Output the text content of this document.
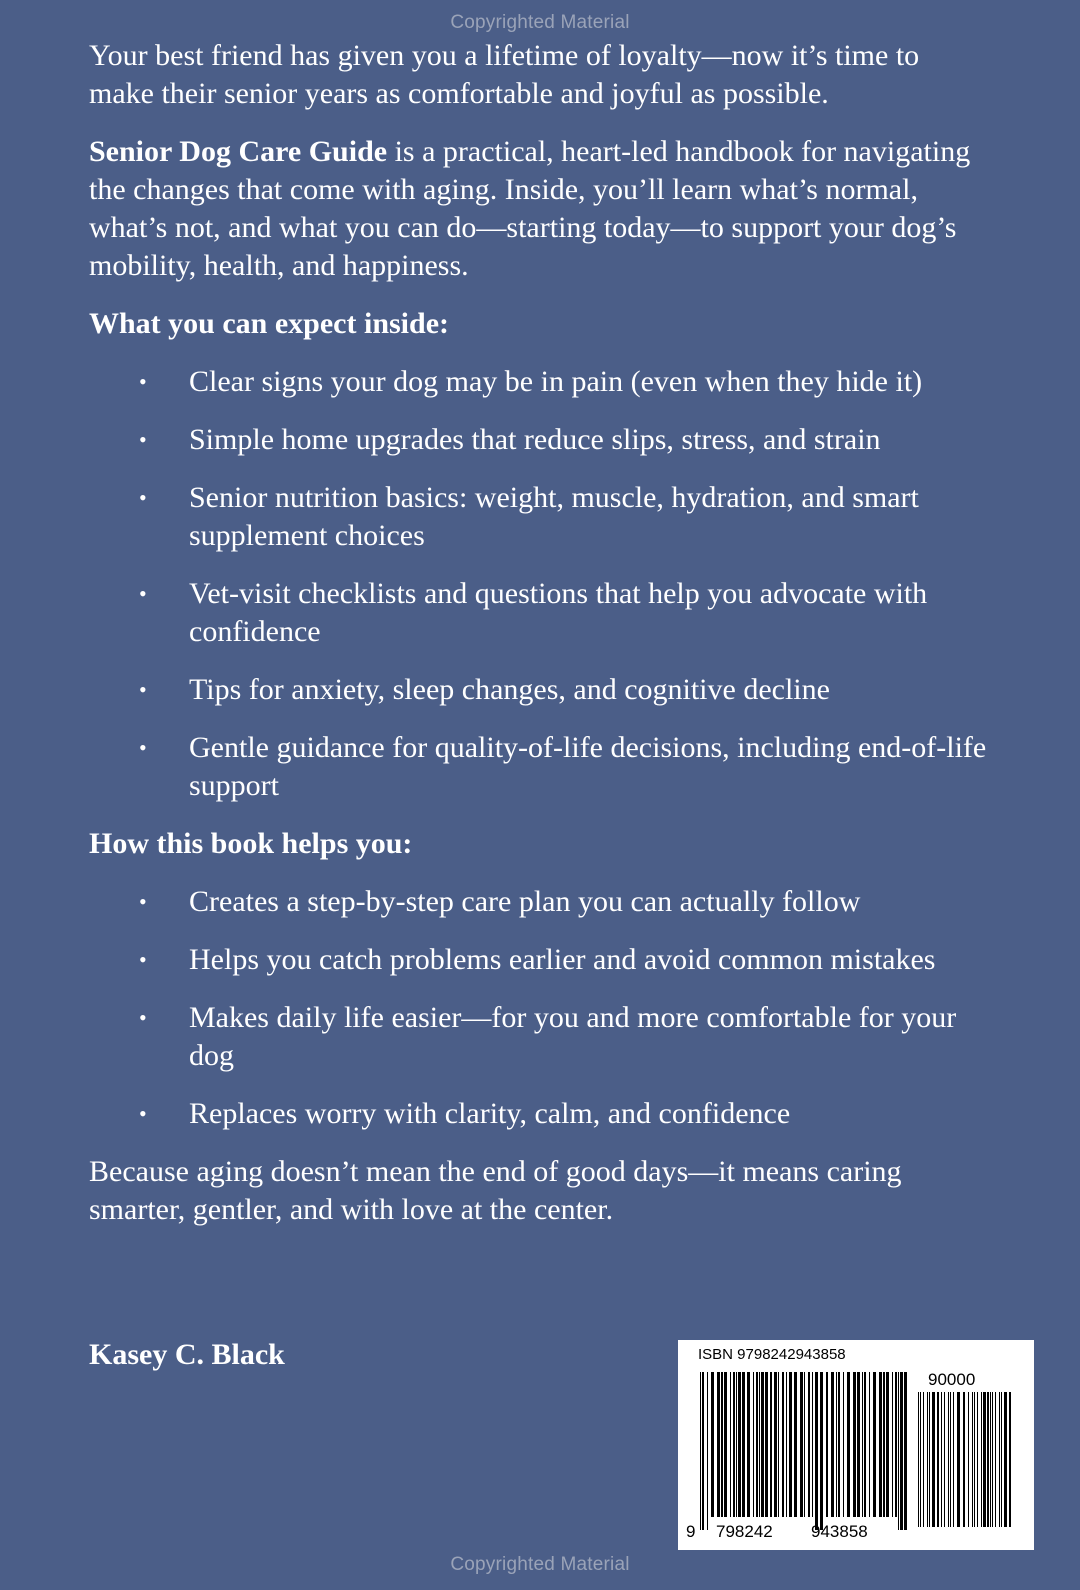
Copyrighted Material

Your best friend has given you a lifetime of loyalty—now it’s time to make their senior years as comfortable and joyful as possible.

Senior Dog Care Guide is a practical, heart-led handbook for navigating the changes that come with aging. Inside, you’ll learn what’s normal, what’s not, and what you can do—starting today—to support your dog’s mobility, health, and happiness.

What you can expect inside:

• Clear signs your dog may be in pain (even when they hide it)
• Simple home upgrades that reduce slips, stress, and strain
• Senior nutrition basics: weight, muscle, hydration, and smart supplement choices
• Vet-visit checklists and questions that help you advocate with confidence
• Tips for anxiety, sleep changes, and cognitive decline
• Gentle guidance for quality-of-life decisions, including end-of-life support

How this book helps you:

• Creates a step-by-step care plan you can actually follow
• Helps you catch problems earlier and avoid common mistakes
• Makes daily life easier—for you and more comfortable for your dog
• Replaces worry with clarity, calm, and confidence

Because aging doesn’t mean the end of good days—it means caring smarter, gentler, and with love at the center.

Kasey C. Black	ISBN 9798242943858
90000
9 798242 943858
Copyrighted Material
